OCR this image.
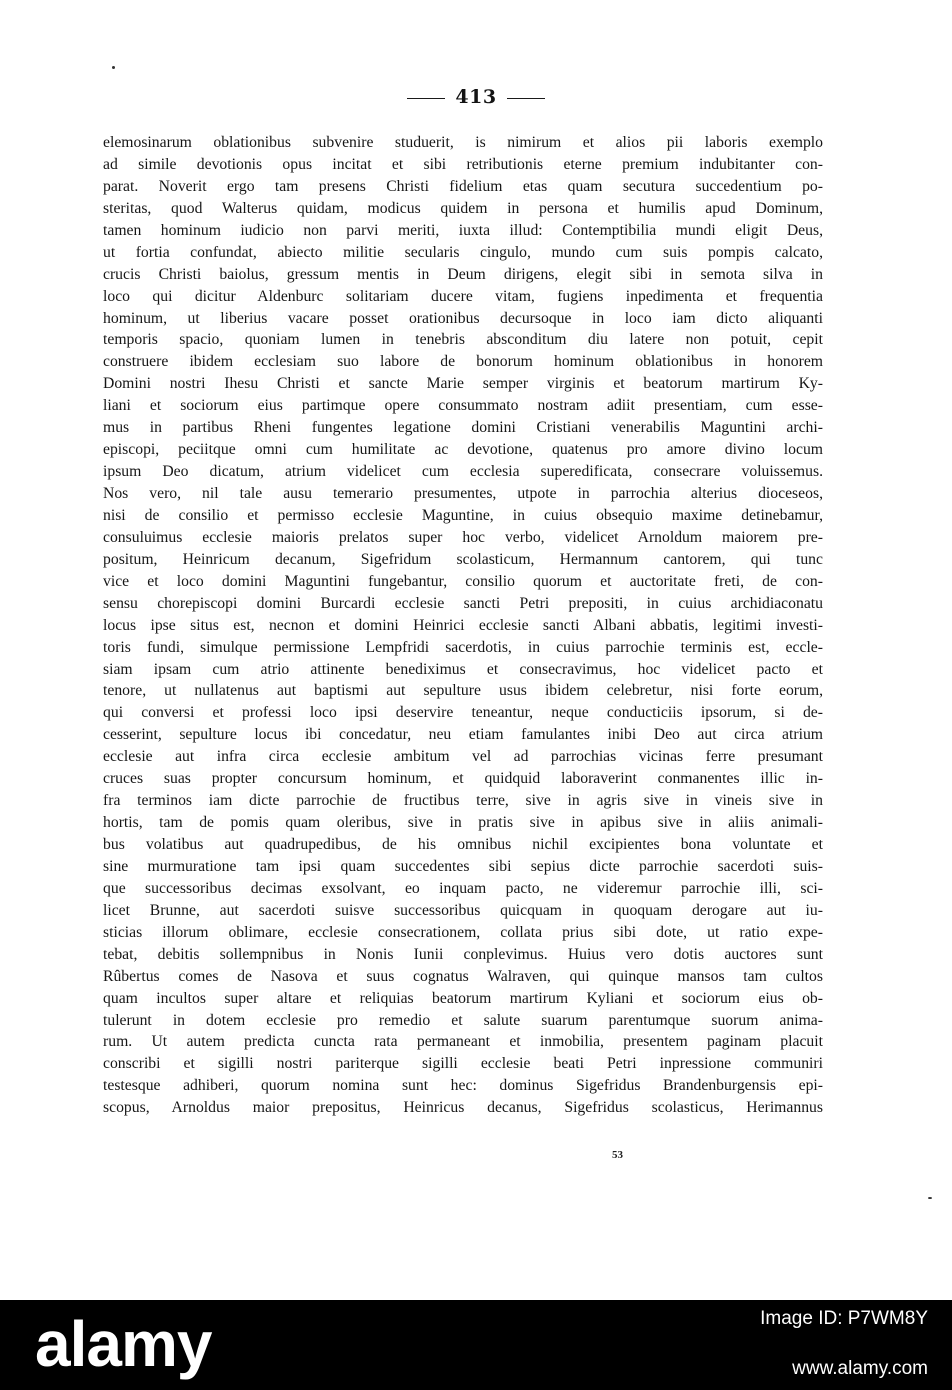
413
elemosinarum oblationibus subvenire studuerit, is nimirum et alios pii laboris exemplo
ad simile devotionis opus incitat et sibi retributionis eterne premium indubitanter con-
parat. Noverit ergo tam presens Christi fidelium etas quam secutura succedentium po-
steritas, quod Walterus quidam, modicus quidem in persona et humilis apud Dominum,
tamen hominum iudicio non parvi meriti, iuxta illud: Contemptibilia mundi eligit Deus,
ut fortia confundat, abiecto militie secularis cingulo, mundo cum suis pompis calcato,
crucis Christi baiolus, gressum mentis in Deum dirigens, elegit sibi in semota silva in
loco qui dicitur Aldenburc solitariam ducere vitam, fugiens inpedimenta et frequentia
hominum, ut liberius vacare posset orationibus decursoque in loco iam dicto aliquanti
temporis spacio, quoniam lumen in tenebris absconditum diu latere non potuit, cepit
construere ibidem ecclesiam suo labore de bonorum hominum oblationibus in honorem
Domini nostri Ihesu Christi et sancte Marie semper virginis et beatorum martirum Ky-
liani et sociorum eius partimque opere consummato nostram adiit presentiam, cum esse-
mus in partibus Rheni fungentes legatione domini Cristiani venerabilis Maguntini archi-
episcopi, peciitque omni cum humilitate ac devotione, quatenus pro amore divino locum
ipsum Deo dicatum, atrium videlicet cum ecclesia superedificata, consecrare voluissemus.
Nos vero, nil tale ausu temerario presumentes, utpote in parrochia alterius dioceseos,
nisi de consilio et permisso ecclesie Maguntine, in cuius obsequio maxime detinebamur,
consuluimus ecclesie maioris prelatos super hoc verbo, videlicet Arnoldum maiorem pre-
positum, Heinricum decanum, Sigefridum scolasticum, Hermannum cantorem, qui tunc
vice et loco domini Maguntini fungebantur, consilio quorum et auctoritate freti, de con-
sensu chorepiscopi domini Burcardi ecclesie sancti Petri prepositi, in cuius archidiaconatu
locus ipse situs est, necnon et domini Heinrici ecclesie sancti Albani abbatis, legitimi investi-
toris fundi, simulque permissione Lempfridi sacerdotis, in cuius parrochie terminis est, eccle-
siam ipsam cum atrio attinente benediximus et consecravimus, hoc videlicet pacto et
tenore, ut nullatenus aut baptismi aut sepulture usus ibidem celebretur, nisi forte eorum,
qui conversi et professi loco ipsi deservire teneantur, neque conducticiis ipsorum, si de-
cesserint, sepulture locus ibi concedatur, neu etiam famulantes inibi Deo aut circa atrium
ecclesie aut infra circa ecclesie ambitum vel ad parrochias vicinas ferre presumant
cruces suas propter concursum hominum, et quidquid laboraverint conmanentes illic in-
fra terminos iam dicte parrochie de fructibus terre, sive in agris sive in vineis sive in
hortis, tam de pomis quam oleribus, sive in pratis sive in apibus sive in aliis animali-
bus volatibus aut quadrupedibus, de his omnibus nichil excipientes bona voluntate et
sine murmuratione tam ipsi quam succedentes sibi sepius dicte parrochie sacerdoti suis-
que successoribus decimas exsolvant, eo inquam pacto, ne videremur parrochie illi, sci-
licet Brunne, aut sacerdoti suisve successoribus quicquam in quoquam derogare aut iu-
sticias illorum oblimare, ecclesie consecrationem, collata prius sibi dote, ut ratio expe-
tebat, debitis sollempnibus in Nonis Iunii conplevimus. Huius vero dotis auctores sunt
Rûbertus comes de Nasova et suus cognatus Walraven, qui quinque mansos tam cultos
quam incultos super altare et reliquias beatorum martirum Kyliani et sociorum eius ob-
tulerunt in dotem ecclesie pro remedio et salute suarum parentumque suorum anima-
rum. Ut autem predicta cuncta rata permaneant et inmobilia, presentem paginam placuit
conscribi et sigilli nostri pariterque sigilli ecclesie beati Petri inpressione communiri
testesque adhiberi, quorum nomina sunt hec: dominus Sigefridus Brandenburgensis epi-
scopus, Arnoldus maior prepositus, Heinricus decanus, Sigefridus scolasticus, Herimannus
53
alamy	Image ID: P7WM8Y
www.alamy.com
